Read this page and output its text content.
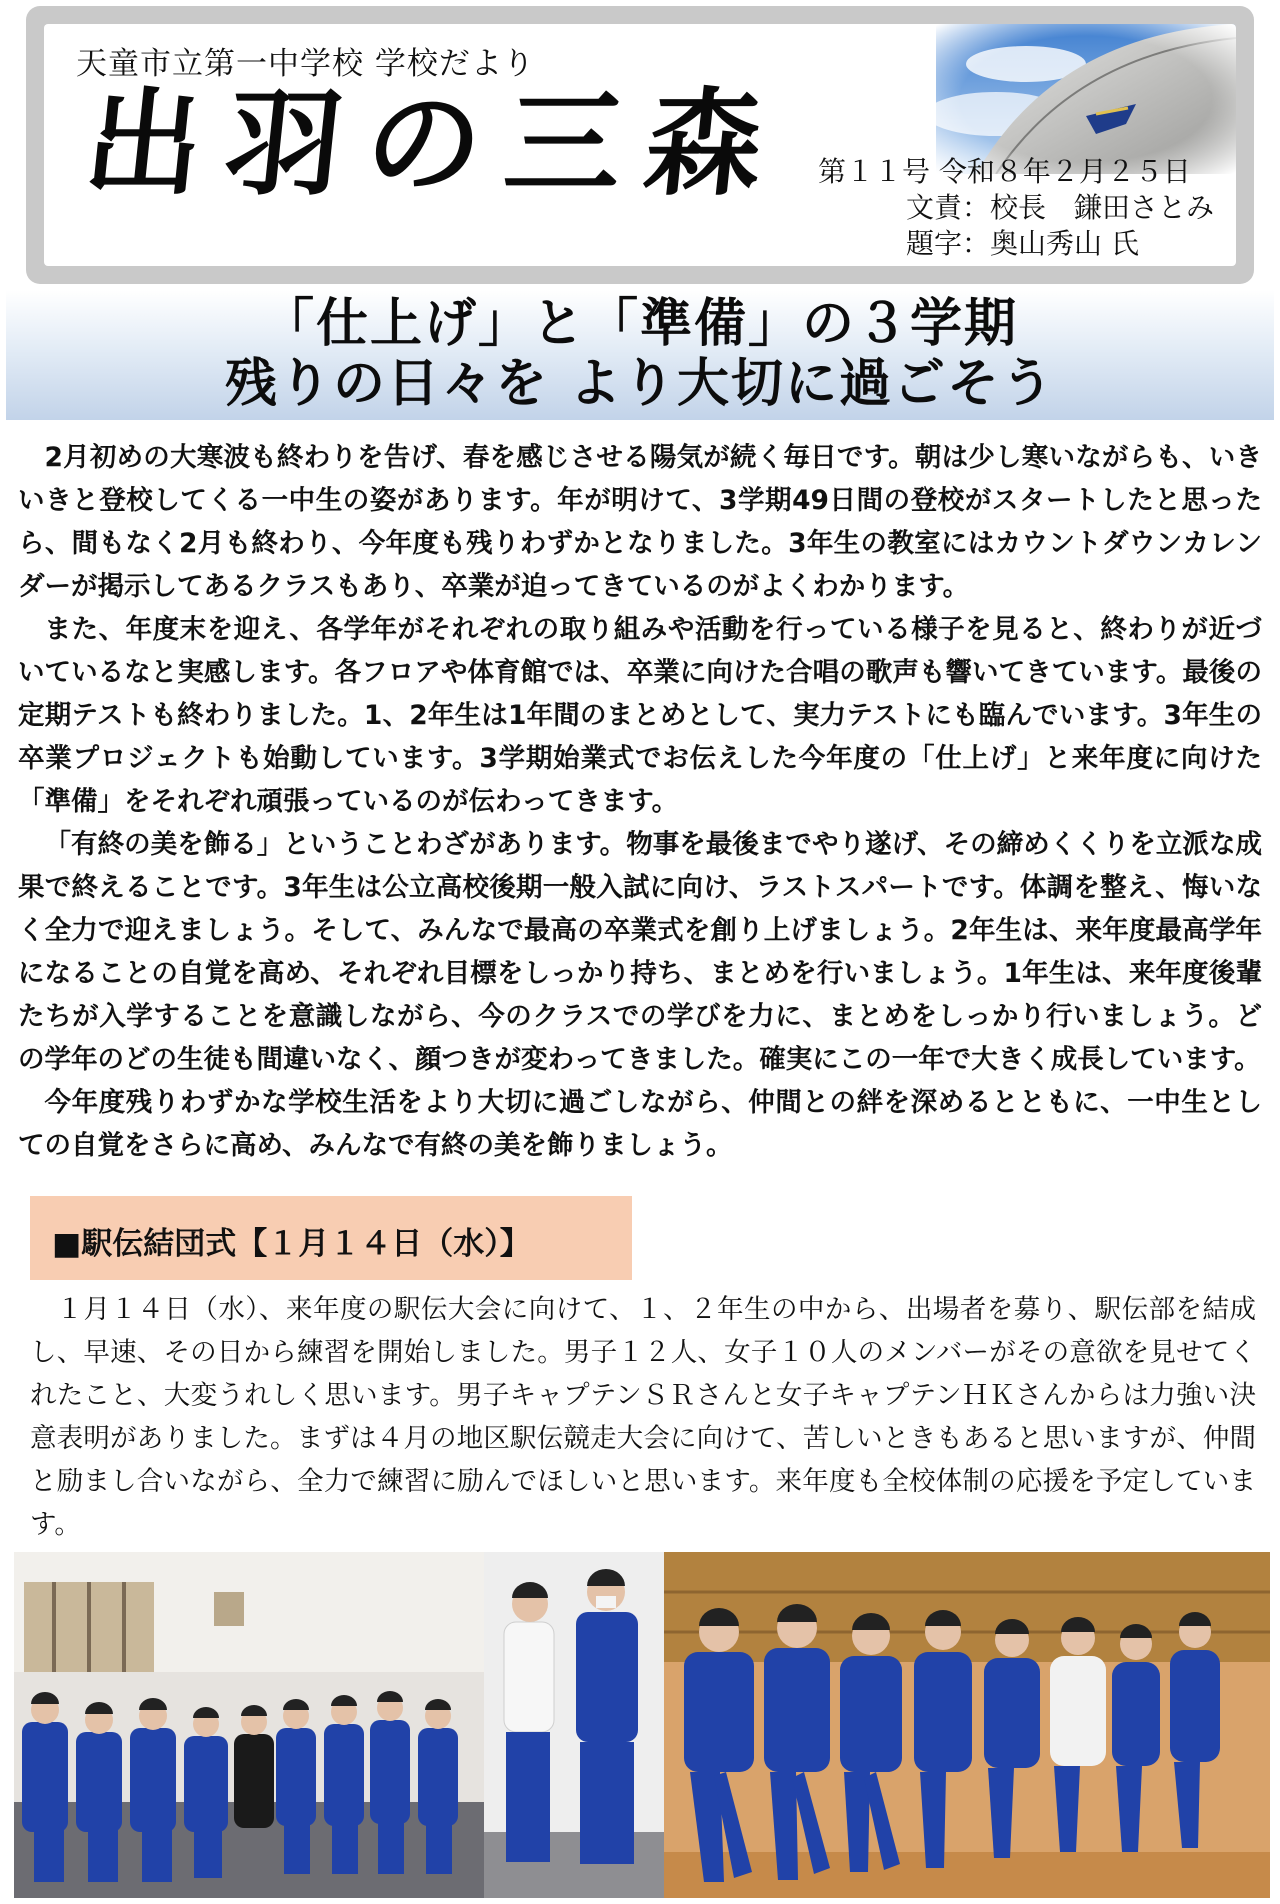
天童市立第一中学校 学校だより
出羽の三森 第１１号 令和８年２月２５日
文責：校長　鎌田さとみ
題字：奥山秀山 氏
「仕上げ」と「準備」の３学期
残りの日々を より大切に過ごそう

2月初めの大寒波も終わりを告げ、春を感じさせる陽気が続く毎日です。朝は少し寒いながらも、いきいきと登校してくる一中生の姿があります。年が明けて、3学期49日間の登校がスタートしたと思ったら、間もなく2月も終わり、今年度も残りわずかとなりました。3年生の教室にはカウントダウンカレンダーが掲示してあるクラスもあり、卒業が迫ってきているのがよくわかります。

また、年度末を迎え、各学年がそれぞれの取り組みや活動を行っている様子を見ると、終わりが近づいているなと実感します。各フロアや体育館では、卒業に向けた合唱の歌声も響いてきています。最後の定期テストも終わりました。1、2年生は1年間のまとめとして、実力テストにも臨んでいます。3年生の卒業プロジェクトも始動しています。3学期始業式でお伝えした今年度の「仕上げ」と来年度に向けた「準備」をそれぞれ頑張っているのが伝わってきます。

「有終の美を飾る」ということわざがあります。物事を最後までやり遂げ、その締めくくりを立派な成果で終えることです。3年生は公立高校後期一般入試に向け、ラストスパートです。体調を整え、悔いなく全力で迎えましょう。そして、みんなで最高の卒業式を創り上げましょう。2年生は、来年度最高学年になることの自覚を高め、それぞれ目標をしっかり持ち、まとめを行いましょう。1年生は、来年度後輩たちが入学することを意識しながら、今のクラスでの学びを力に、まとめをしっかり行いましょう。どの学年のどの生徒も間違いなく、顔つきが変わってきました。確実にこの一年で大きく成長しています。

今年度残りわずかな学校生活をより大切に過ごしながら、仲間との絆を深めるとともに、一中生としての自覚をさらに高め、みんなで有終の美を飾りましょう。

■駅伝結団式【１月１４日（水）】

１月１４日（水）、来年度の駅伝大会に向けて、１、２年生の中から、出場者を募り、駅伝部を結成し、早速、その日から練習を開始しました。男子１２人、女子１０人のメンバーがその意欲を見せてくれたこと、大変うれしく思います。男子キャプテンＳＲさんと女子キャプテンＨＫさんからは力強い決意表明がありました。まずは４月の地区駅伝競走大会に向けて、苦しいときもあると思いますが、仲間と励まし合いながら、全力で練習に励んでほしいと思います。来年度も全校体制の応援を予定しています。
